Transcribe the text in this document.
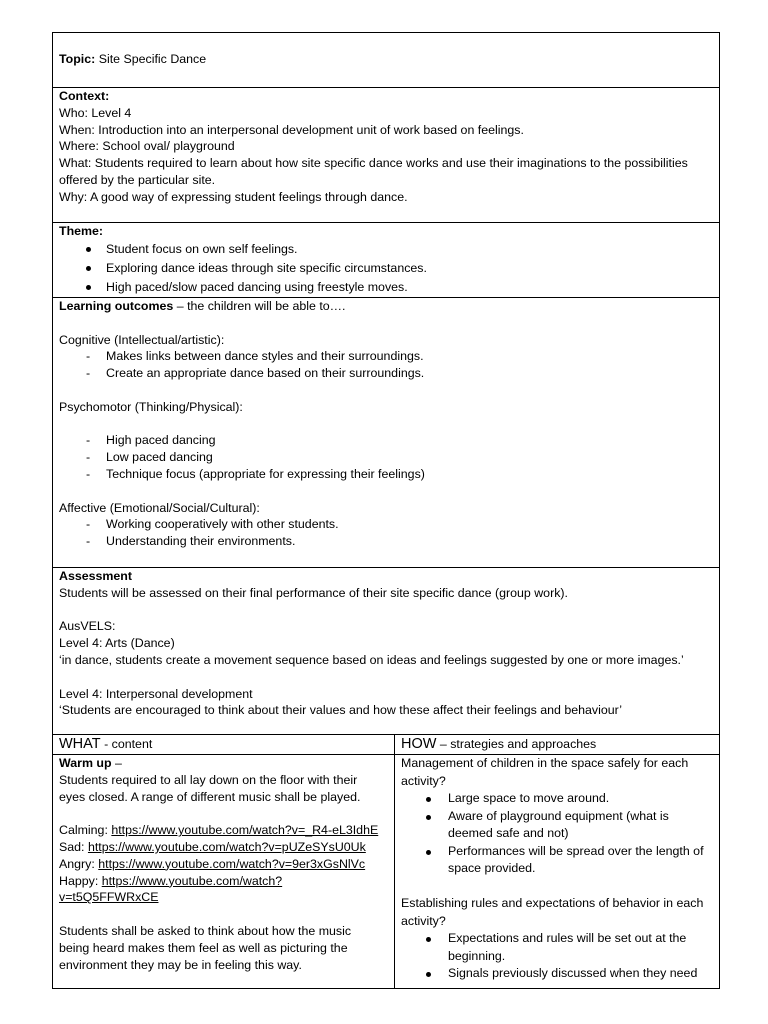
Topic: Site Specific Dance
Context:
Who: Level 4
When: Introduction into an interpersonal development unit of work based on feelings.
Where: School oval/ playground
What: Students required to learn about how site specific dance works and use their imaginations to the possibilities
offered by the particular site.
Why: A good way of expressing student feelings through dance.
Theme:
Student focus on own self feelings.
Exploring dance ideas through site specific circumstances.
High paced/slow paced dancing using freestyle moves.
Learning outcomes – the children will be able to….
Cognitive (Intellectual/artistic):
- Makes links between dance styles and their surroundings.
- Create an appropriate dance based on their surroundings.
Psychomotor (Thinking/Physical):
- High paced dancing
- Low paced dancing
- Technique focus (appropriate for expressing their feelings)
Affective (Emotional/Social/Cultural):
- Working cooperatively with other students.
- Understanding their environments.
Assessment
Students will be assessed on their final performance of their site specific dance (group work).
AusVELS:
Level 4: Arts (Dance)
‘in dance, students create a movement sequence based on ideas and feelings suggested by one or more images.’
Level 4: Interpersonal development
‘Students are encouraged to think about their values and how these affect their feelings and behaviour’
WHAT - content	HOW – strategies and approaches
Warm up –
Students required to all lay down on the floor with their
eyes closed. A range of different music shall be played.
Calming: https://www.youtube.com/watch?v=_R4-eL3IdhE
Sad: https://www.youtube.com/watch?v=pUZeSYsU0Uk
Angry: https://www.youtube.com/watch?v=9er3xGsNlVc
Happy: https://www.youtube.com/watch?
v=t5Q5FFWRxCE
Students shall be asked to think about how the music
being heard makes them feel as well as picturing the
environment they may be in feeling this way.
Management of children in the space safely for each
activity?
Large space to move around.
Aware of playground equipment (what is deemed safe and not)
Performances will be spread over the length of space provided.
Establishing rules and expectations of behavior in each
activity?
Expectations and rules will be set out at the beginning.
Signals previously discussed when they need
